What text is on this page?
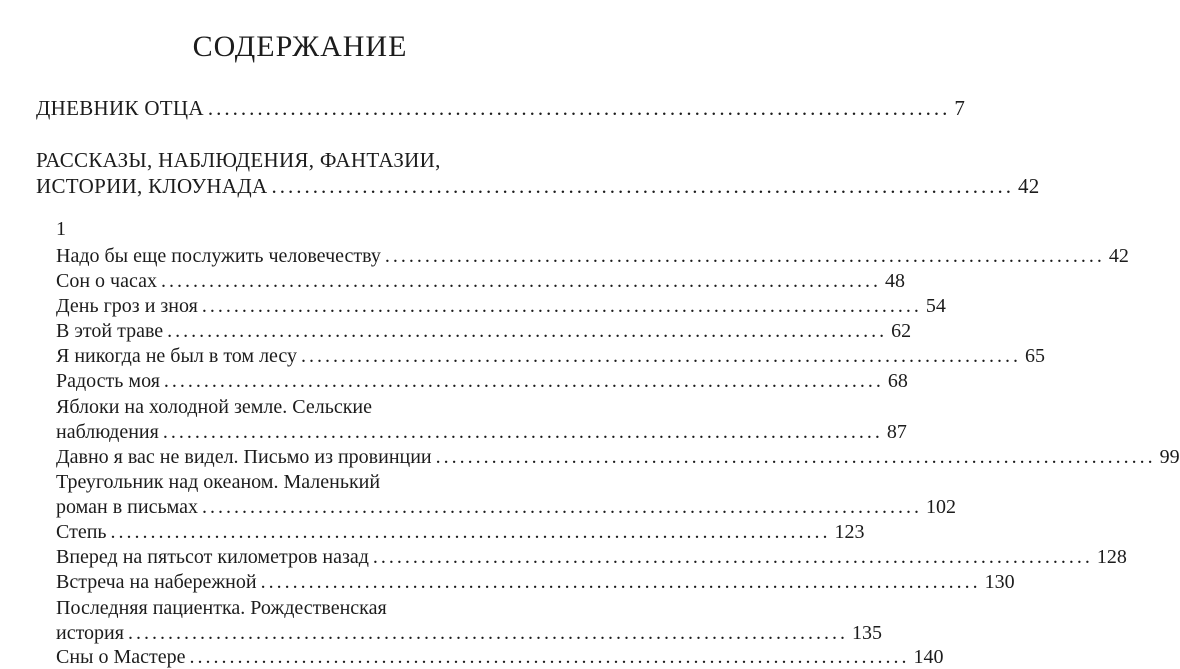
СОДЕРЖАНИЕ
ДНЕВНИК ОТЦА .......................................................................................... 7
РАССКАЗЫ, НАБЛЮДЕНИЯ, ФАНТАЗИИ,
ИСТОРИИ, КЛОУНАДА .......................................................................................... 42
1
Надо бы еще послужить человечеству .......................................................................................... 42
Сон о часах .......................................................................................... 48
День гроз и зноя .......................................................................................... 54
В этой траве .......................................................................................... 62
Я никогда не был в том лесу .......................................................................................... 65
Радость моя .......................................................................................... 68
Яблоки на холодной земле. Сельские
наблюдения .......................................................................................... 87
Давно я вас не видел. Письмо из провинции .......................................................................................... 99
Треугольник над океаном. Маленький
роман в письмах .......................................................................................... 102
Степь .......................................................................................... 123
Вперед на пятьсот километров назад .......................................................................................... 128
Встреча на набережной .......................................................................................... 130
Последняя пациентка. Рождественская
история .......................................................................................... 135
Сны о Мастере .......................................................................................... 140
